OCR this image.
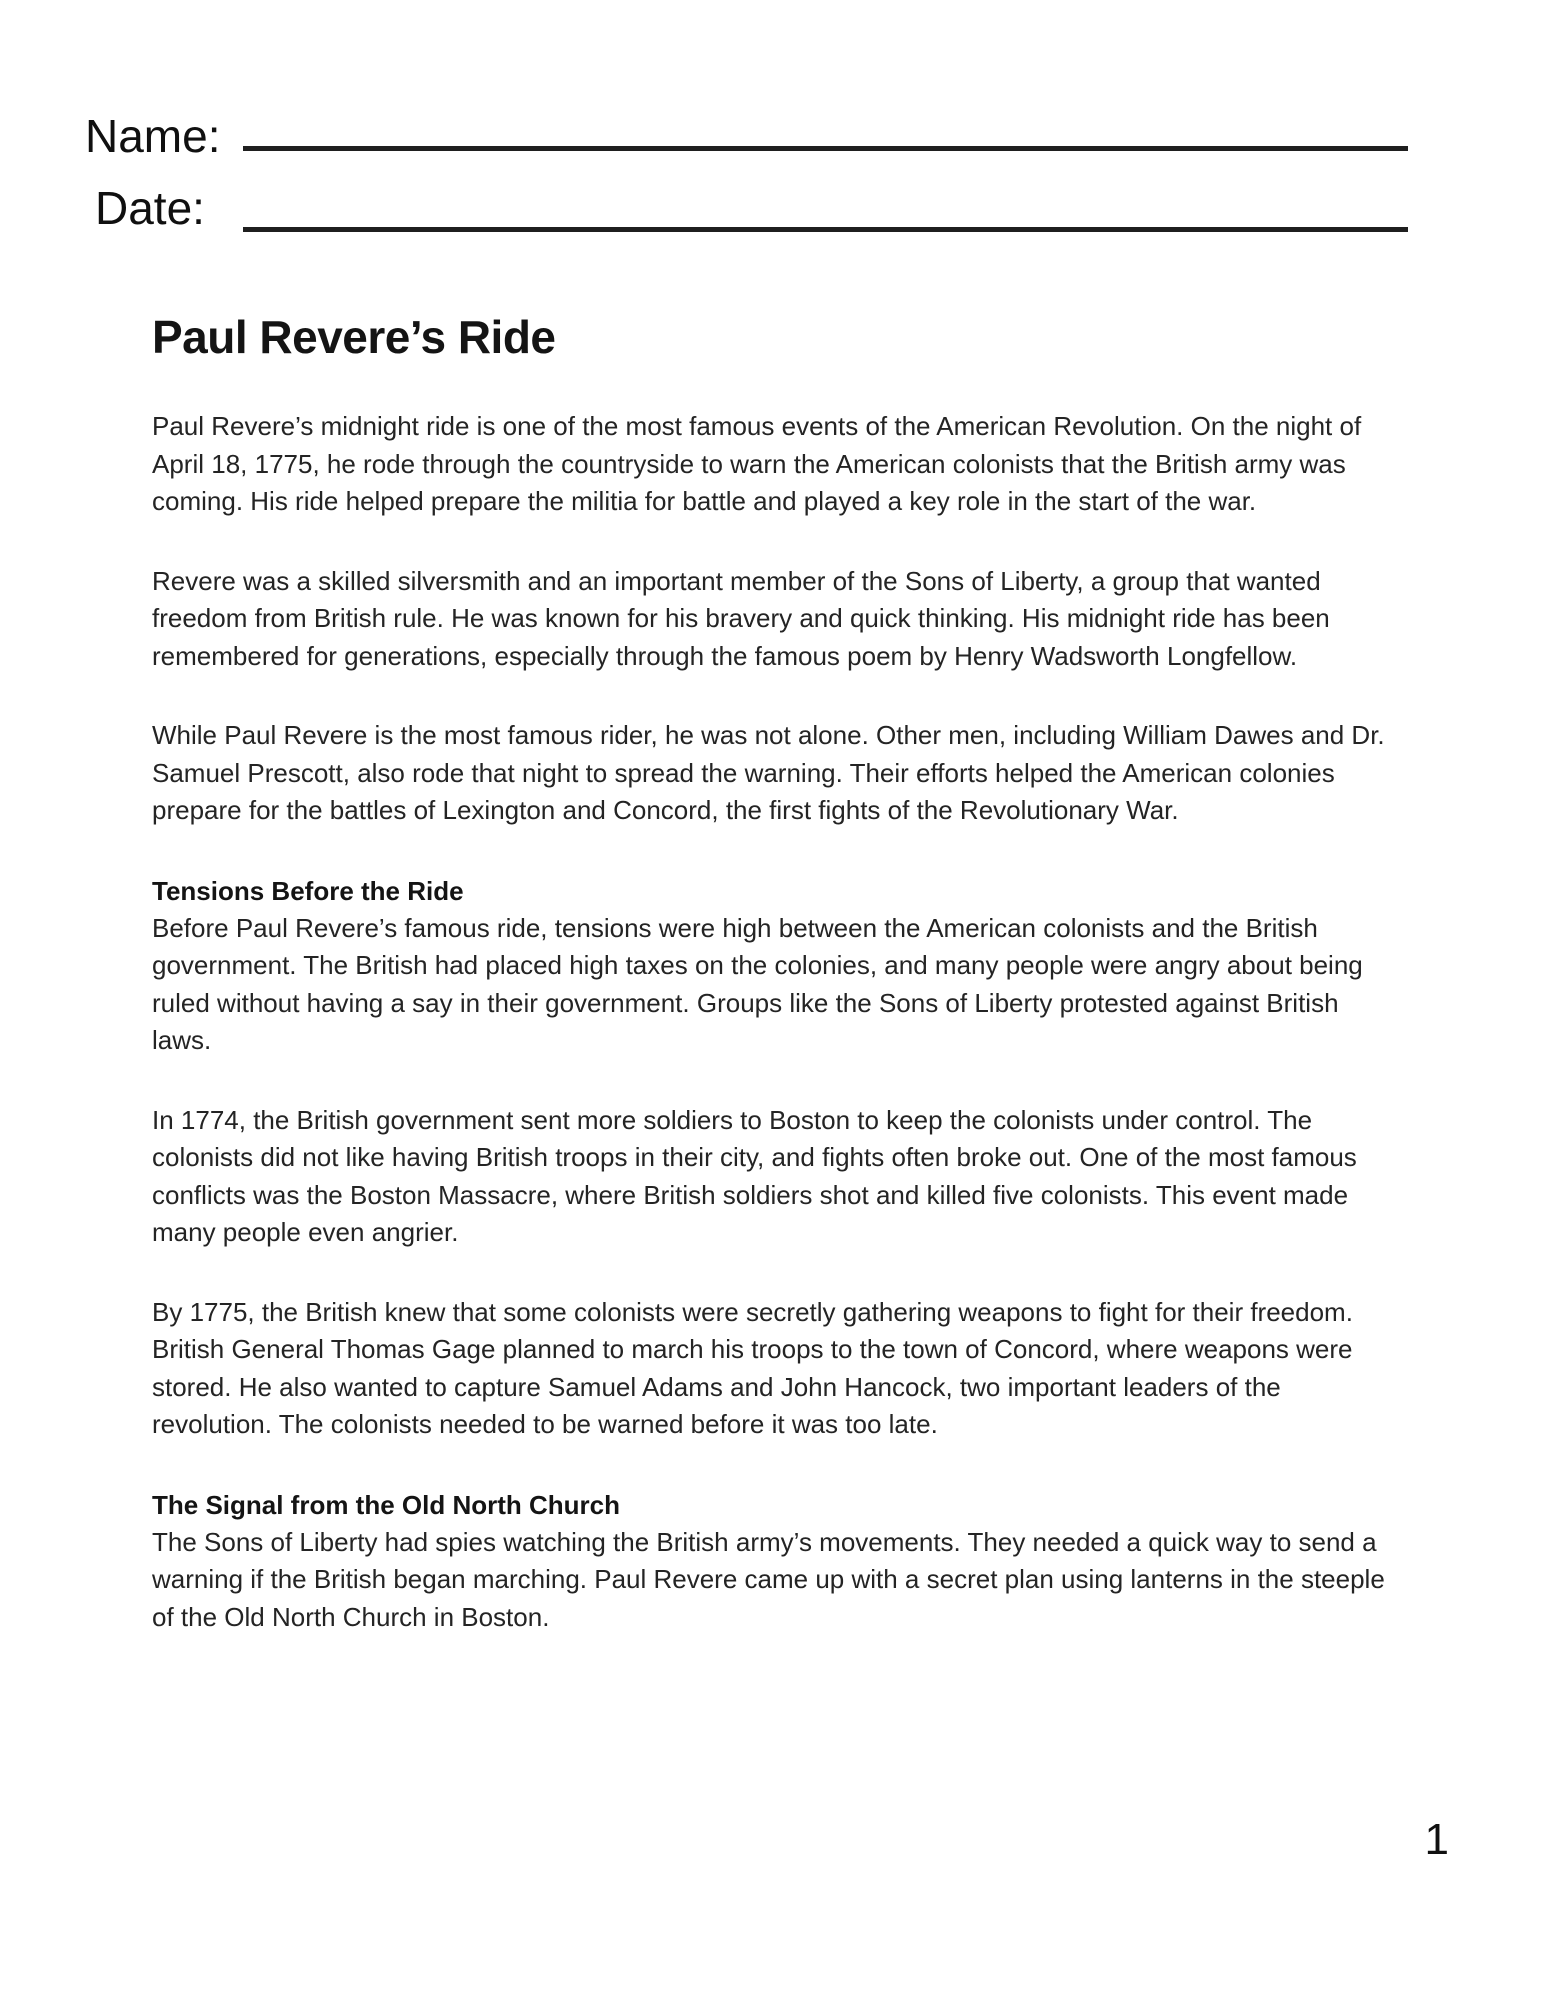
Name:
Date:
Paul Revere’s Ride

Paul Revere’s midnight ride is one of the most famous events of the American Revolution. On the night of April 18, 1775, he rode through the countryside to warn the American colonists that the British army was coming. His ride helped prepare the militia for battle and played a key role in the start of the war.

Revere was a skilled silversmith and an important member of the Sons of Liberty, a group that wanted freedom from British rule. He was known for his bravery and quick thinking. His midnight ride has been remembered for generations, especially through the famous poem by Henry Wadsworth Longfellow.

While Paul Revere is the most famous rider, he was not alone. Other men, including William Dawes and Dr. Samuel Prescott, also rode that night to spread the warning. Their efforts helped the American colonies prepare for the battles of Lexington and Concord, the first fights of the Revolutionary War.

Tensions Before the Ride

Before Paul Revere’s famous ride, tensions were high between the American colonists and the British government. The British had placed high taxes on the colonies, and many people were angry about being ruled without having a say in their government. Groups like the Sons of Liberty protested against British laws.

In 1774, the British government sent more soldiers to Boston to keep the colonists under control. The colonists did not like having British troops in their city, and fights often broke out. One of the most famous conflicts was the Boston Massacre, where British soldiers shot and killed five colonists. This event made many people even angrier.

By 1775, the British knew that some colonists were secretly gathering weapons to fight for their freedom. British General Thomas Gage planned to march his troops to the town of Concord, where weapons were stored. He also wanted to capture Samuel Adams and John Hancock, two important leaders of the revolution. The colonists needed to be warned before it was too late.

The Signal from the Old North Church

The Sons of Liberty had spies watching the British army’s movements. They needed a quick way to send a warning if the British began marching. Paul Revere came up with a secret plan using lanterns in the steeple of the Old North Church in Boston.

1
